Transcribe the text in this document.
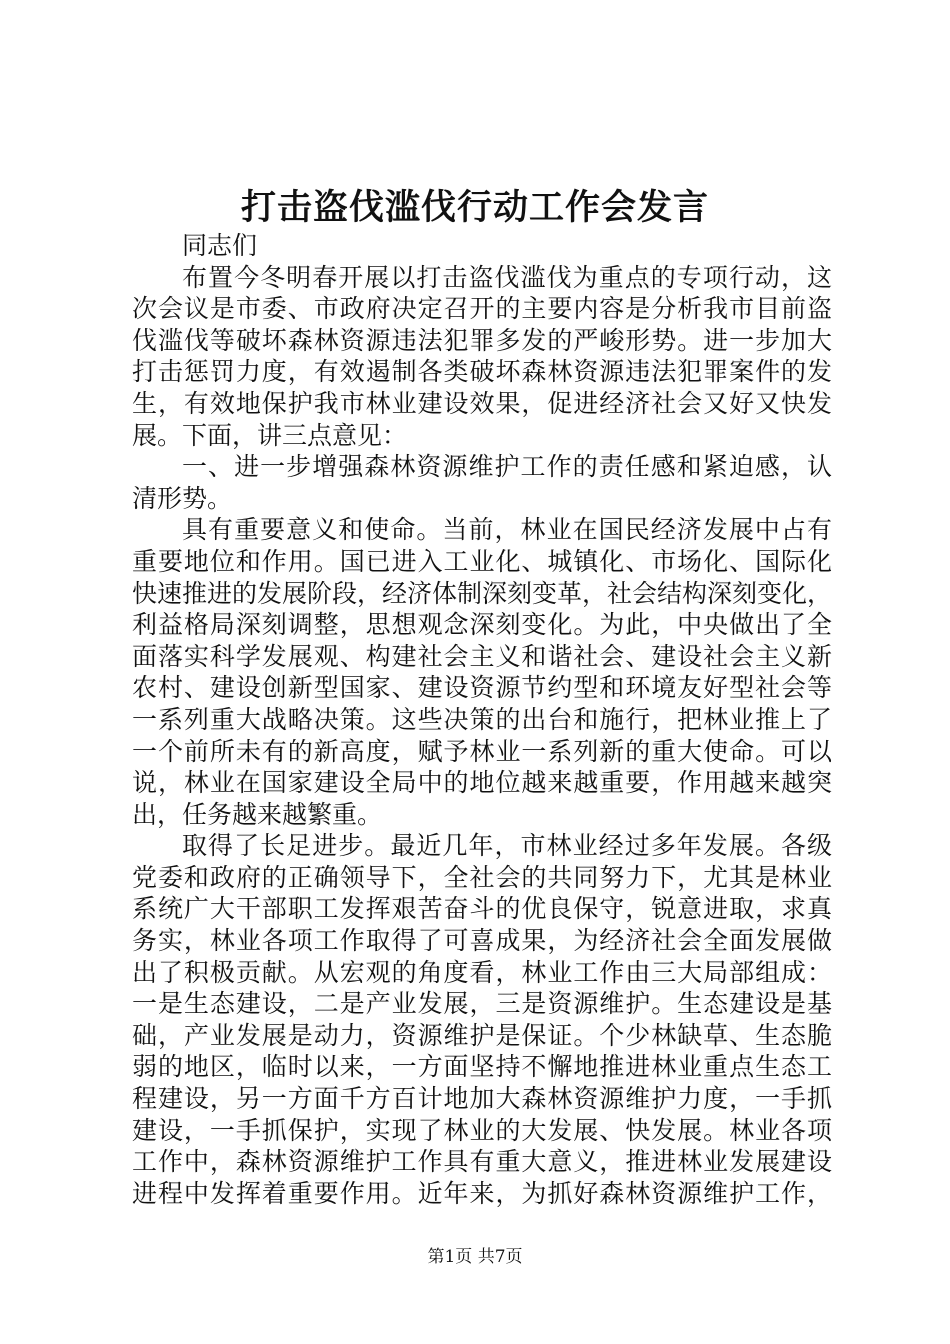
打击盗伐滥伐行动工作会发言
同志们
布置今冬明春开展以打击盗伐滥伐为重点的专项行动，这
次会议是市委、市政府决定召开的主要内容是分析我市目前盗
伐滥伐等破坏森林资源违法犯罪多发的严峻形势。进一步加大
打击惩罚力度，有效遏制各类破坏森林资源违法犯罪案件的发
生，有效地保护我市林业建设效果，促进经济社会又好又快发
展。下面，讲三点意见：
一、进一步增强森林资源维护工作的责任感和紧迫感，认
清形势。
具有重要意义和使命。当前，林业在国民经济发展中占有
重要地位和作用。国已进入工业化、城镇化、市场化、国际化
快速推进的发展阶段，经济体制深刻变革，社会结构深刻变化，
利益格局深刻调整，思想观念深刻变化。为此，中央做出了全
面落实科学发展观、构建社会主义和谐社会、建设社会主义新
农村、建设创新型国家、建设资源节约型和环境友好型社会等
一系列重大战略决策。这些决策的出台和施行，把林业推上了
一个前所未有的新高度，赋予林业一系列新的重大使命。可以
说，林业在国家建设全局中的地位越来越重要，作用越来越突
出，任务越来越繁重。
取得了长足进步。最近几年，市林业经过多年发展。各级
党委和政府的正确领导下，全社会的共同努力下，尤其是林业
系统广大干部职工发挥艰苦奋斗的优良保守，锐意进取，求真
务实，林业各项工作取得了可喜成果，为经济社会全面发展做
出了积极贡献。从宏观的角度看，林业工作由三大局部组成：
一是生态建设，二是产业发展，三是资源维护。生态建设是基
础，产业发展是动力，资源维护是保证。个少林缺草、生态脆
弱的地区，临时以来，一方面坚持不懈地推进林业重点生态工
程建设，另一方面千方百计地加大森林资源维护力度，一手抓
建设，一手抓保护，实现了林业的大发展、快发展。林业各项
工作中，森林资源维护工作具有重大意义，推进林业发展建设
进程中发挥着重要作用。近年来，为抓好森林资源维护工作，
第1页 共7页
